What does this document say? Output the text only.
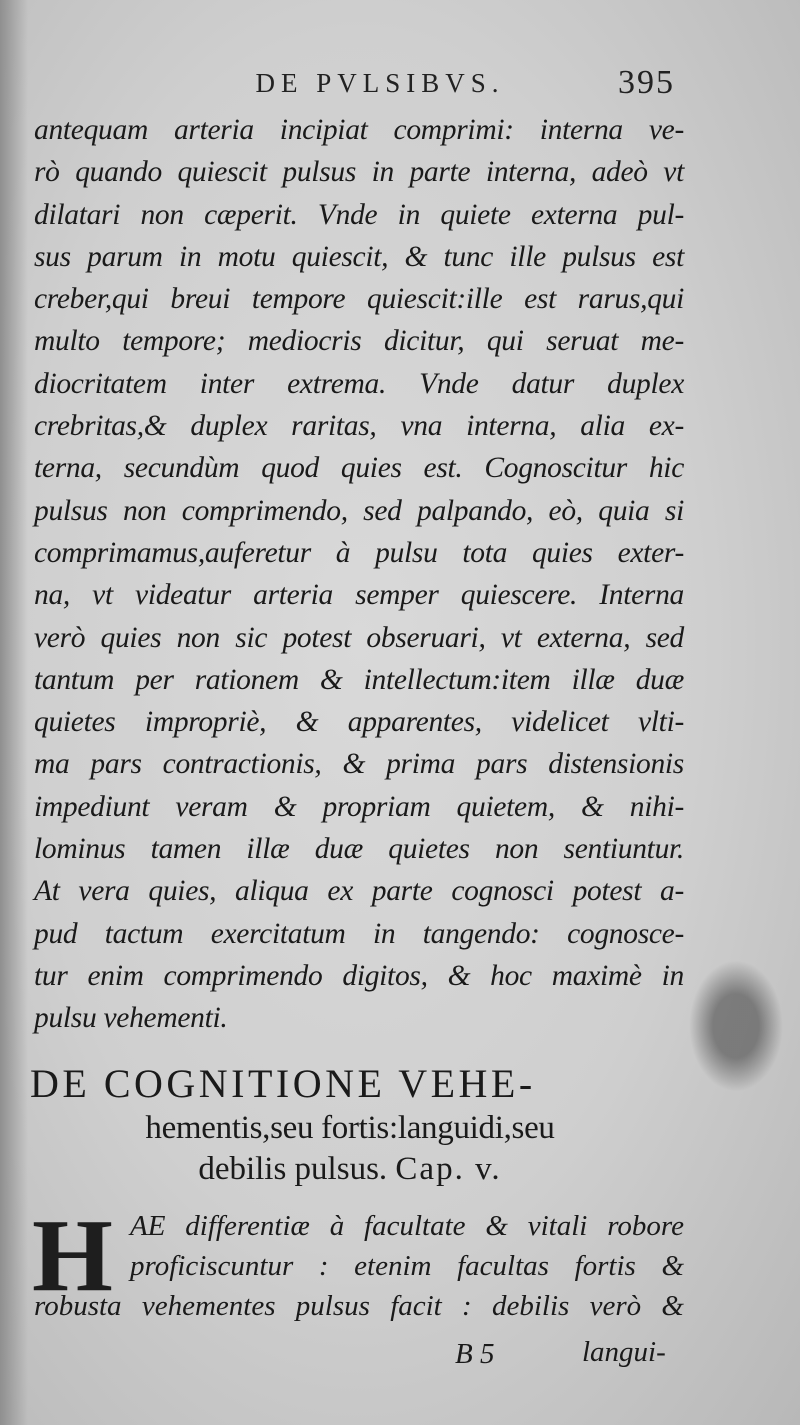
DE PVLSIBVS.	395
antequam arteria incipiat comprimi: interna ve-
rò quando quiescit pulsus in parte interna, adeò vt
dilatari non cæperit. Vnde in quiete externa pul-
sus parum in motu quiescit, & tunc ille pulsus est
creber,qui breui tempore quiescit:ille est rarus,qui
multo tempore; mediocris dicitur, qui seruat me-
diocritatem inter extrema. Vnde datur duplex
crebritas,& duplex raritas, vna interna, alia ex-
terna, secundùm quod quies est. Cognoscitur hic
pulsus non comprimendo, sed palpando, eò, quia si
comprimamus,auferetur à pulsu tota quies exter-
na, vt videatur arteria semper quiescere. Interna
verò quies non sic potest obseruari, vt externa, sed
tantum per rationem & intellectum:item illæ duæ
quietes impropriè, & apparentes, videlicet vlti-
ma pars contractionis, & prima pars distensionis
impediunt veram & propriam quietem, & nihi-
lominus tamen illæ duæ quietes non sentiuntur.
At vera quies, aliqua ex parte cognosci potest a-
pud tactum exercitatum in tangendo: cognosce-
tur enim comprimendo digitos, & hoc maximè in
pulsu vehementi.
DE COGNITIONE VEHE-
hementis,seu fortis:languidi,seu
debilis pulsus. Cap. v.
H AE differentiæ à facultate & vitali robore
proficiscuntur : etenim facultas fortis &
robusta vehementes pulsus facit : debilis verò &
B 5	langui-
